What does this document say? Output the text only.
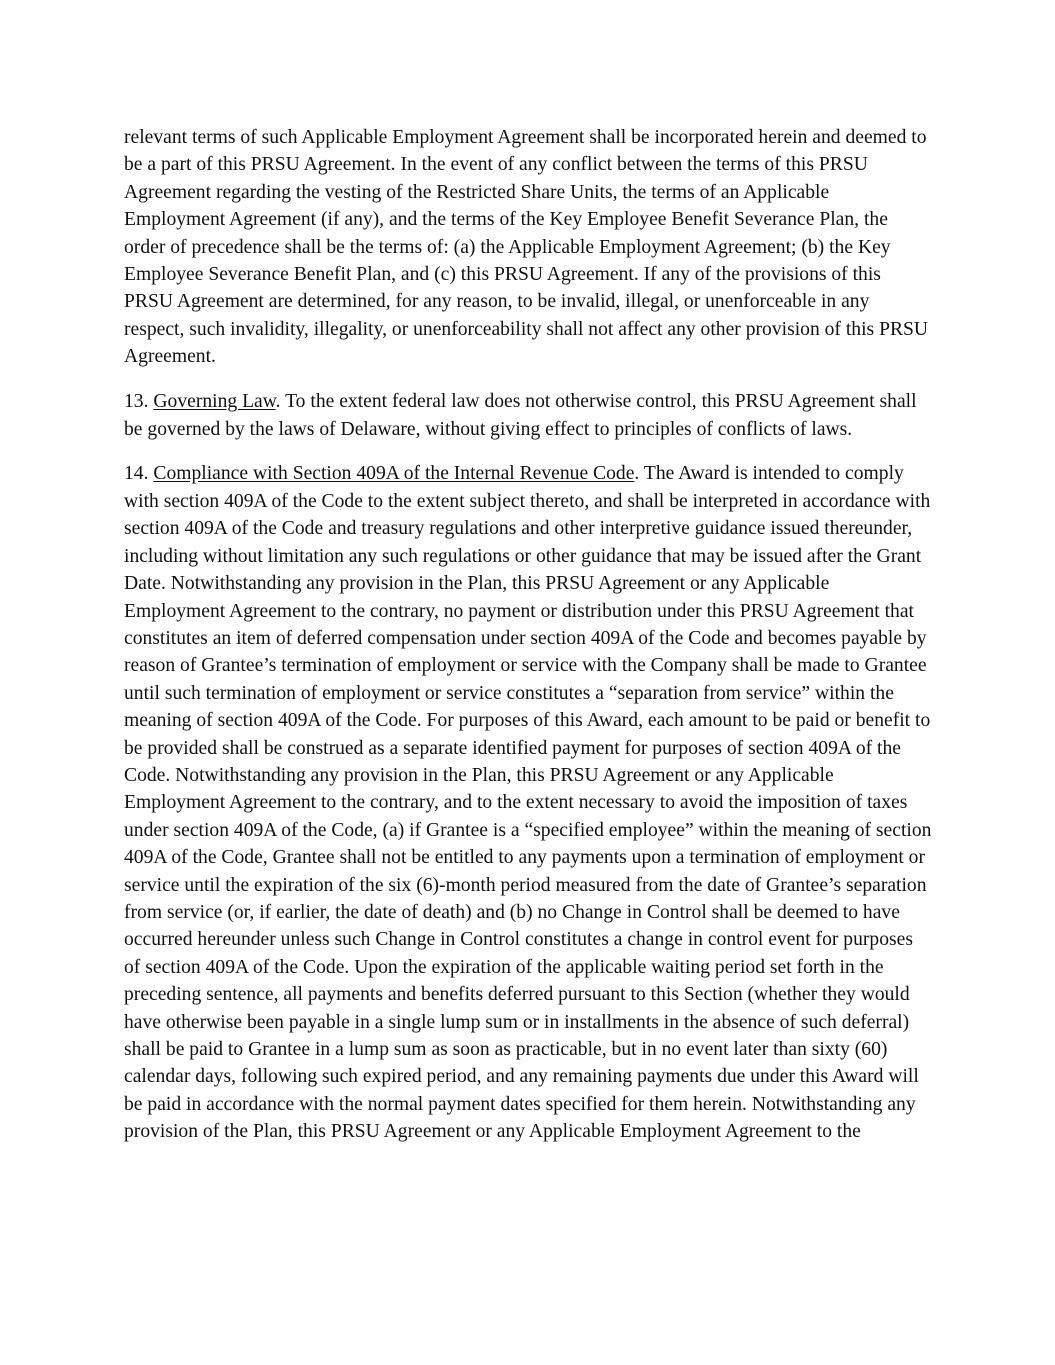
relevant terms of such Applicable Employment Agreement shall be incorporated herein and deemed to be a part of this PRSU Agreement. In the event of any conflict between the terms of this PRSU Agreement regarding the vesting of the Restricted Share Units, the terms of an Applicable Employment Agreement (if any), and the terms of the Key Employee Benefit Severance Plan, the order of precedence shall be the terms of: (a) the Applicable Employment Agreement; (b) the Key Employee Severance Benefit Plan, and (c) this PRSU Agreement. If any of the provisions of this PRSU Agreement are determined, for any reason, to be invalid, illegal, or unenforceable in any respect, such invalidity, illegality, or unenforceability shall not affect any other provision of this PRSU Agreement.

13. Governing Law. To the extent federal law does not otherwise control, this PRSU Agreement shall be governed by the laws of Delaware, without giving effect to principles of conflicts of laws.

14. Compliance with Section 409A of the Internal Revenue Code. The Award is intended to comply with section 409A of the Code to the extent subject thereto, and shall be interpreted in accordance with section 409A of the Code and treasury regulations and other interpretive guidance issued thereunder, including without limitation any such regulations or other guidance that may be issued after the Grant Date. Notwithstanding any provision in the Plan, this PRSU Agreement or any Applicable Employment Agreement to the contrary, no payment or distribution under this PRSU Agreement that constitutes an item of deferred compensation under section 409A of the Code and becomes payable by reason of Grantee’s termination of employment or service with the Company shall be made to Grantee until such termination of employment or service constitutes a “separation from service” within the meaning of section 409A of the Code. For purposes of this Award, each amount to be paid or benefit to be provided shall be construed as a separate identified payment for purposes of section 409A of the Code. Notwithstanding any provision in the Plan, this PRSU Agreement or any Applicable Employment Agreement to the contrary, and to the extent necessary to avoid the imposition of taxes under section 409A of the Code, (a) if Grantee is a “specified employee” within the meaning of section 409A of the Code, Grantee shall not be entitled to any payments upon a termination of employment or service until the expiration of the six (6)-month period measured from the date of Grantee’s separation from service (or, if earlier, the date of death) and (b) no Change in Control shall be deemed to have occurred hereunder unless such Change in Control constitutes a change in control event for purposes of section 409A of the Code. Upon the expiration of the applicable waiting period set forth in the preceding sentence, all payments and benefits deferred pursuant to this Section (whether they would have otherwise been payable in a single lump sum or in installments in the absence of such deferral) shall be paid to Grantee in a lump sum as soon as practicable, but in no event later than sixty (60) calendar days, following such expired period, and any remaining payments due under this Award will be paid in accordance with the normal payment dates specified for them herein. Notwithstanding any provision of the Plan, this PRSU Agreement or any Applicable Employment Agreement to the
